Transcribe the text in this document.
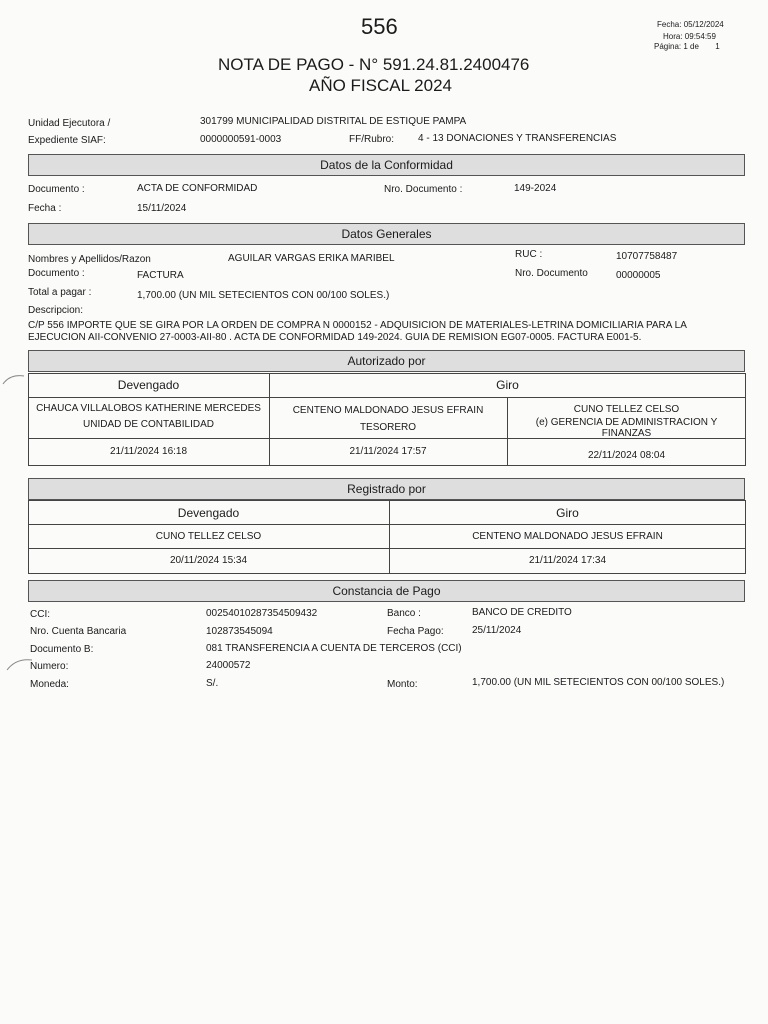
556	Fecha: 05/12/2024
Hora: 09:54:59
Página: 1 de 1
NOTA DE PAGO - N° 591.24.81.2400476
AÑO FISCAL 2024
Unidad Ejecutora /	301799 MUNICIPALIDAD DISTRITAL DE ESTIQUE PAMPA
Expediente SIAF:	0000000591-0003	FF/Rubro: 4 - 13 DONACIONES Y TRANSFERENCIAS
Datos de la Conformidad
Documento :	ACTA DE CONFORMIDAD	Nro. Documento :	149-2024
Fecha :	15/11/2024
Datos Generales
Nombres y Apellidos/Razon	AGUILAR VARGAS ERIKA MARIBEL	RUC :	10707758487
Documento :	FACTURA	Nro. Documento	00000005
Total a pagar :	1,700.00 (UN MIL SETECIENTOS CON 00/100 SOLES.)
Descripcion:
C/P 556 IMPORTE QUE SE GIRA POR LA ORDEN DE COMPRA N 0000152 - ADQUISICION DE MATERIALES-LETRINA DOMICILIARIA PARA LA
EJECUCION AII-CONVENIO 27-0003-AII-80 . ACTA DE CONFORMIDAD 149-2024. GUIA DE REMISION EG07-0005. FACTURA E001-5.
Autorizado por
Devengado	Giro
CHAUCA VILLALOBOS KATHERINE MERCEDES
UNIDAD DE CONTABILIDAD
21/11/2024 16:18
CENTENO MALDONADO JESUS EFRAIN
TESORERO
21/11/2024 17:57
CUNO TELLEZ CELSO
(e) GERENCIA DE ADMINISTRACION Y
FINANZAS
22/11/2024 08:04
Registrado por
Devengado	Giro
CUNO TELLEZ CELSO	CENTENO MALDONADO JESUS EFRAIN
20/11/2024 15:34	21/11/2024 17:34
Constancia de Pago
CCI:	00254010287354509432	Banco :	BANCO DE CREDITO
Nro. Cuenta Bancaria	102873545094	Fecha Pago:	25/11/2024
Documento B:	081 TRANSFERENCIA A CUENTA DE TERCEROS (CCI)
Numero:	24000572
Moneda:	S/.	Monto:	1,700.00 (UN MIL SETECIENTOS CON 00/100 SOLES.)
